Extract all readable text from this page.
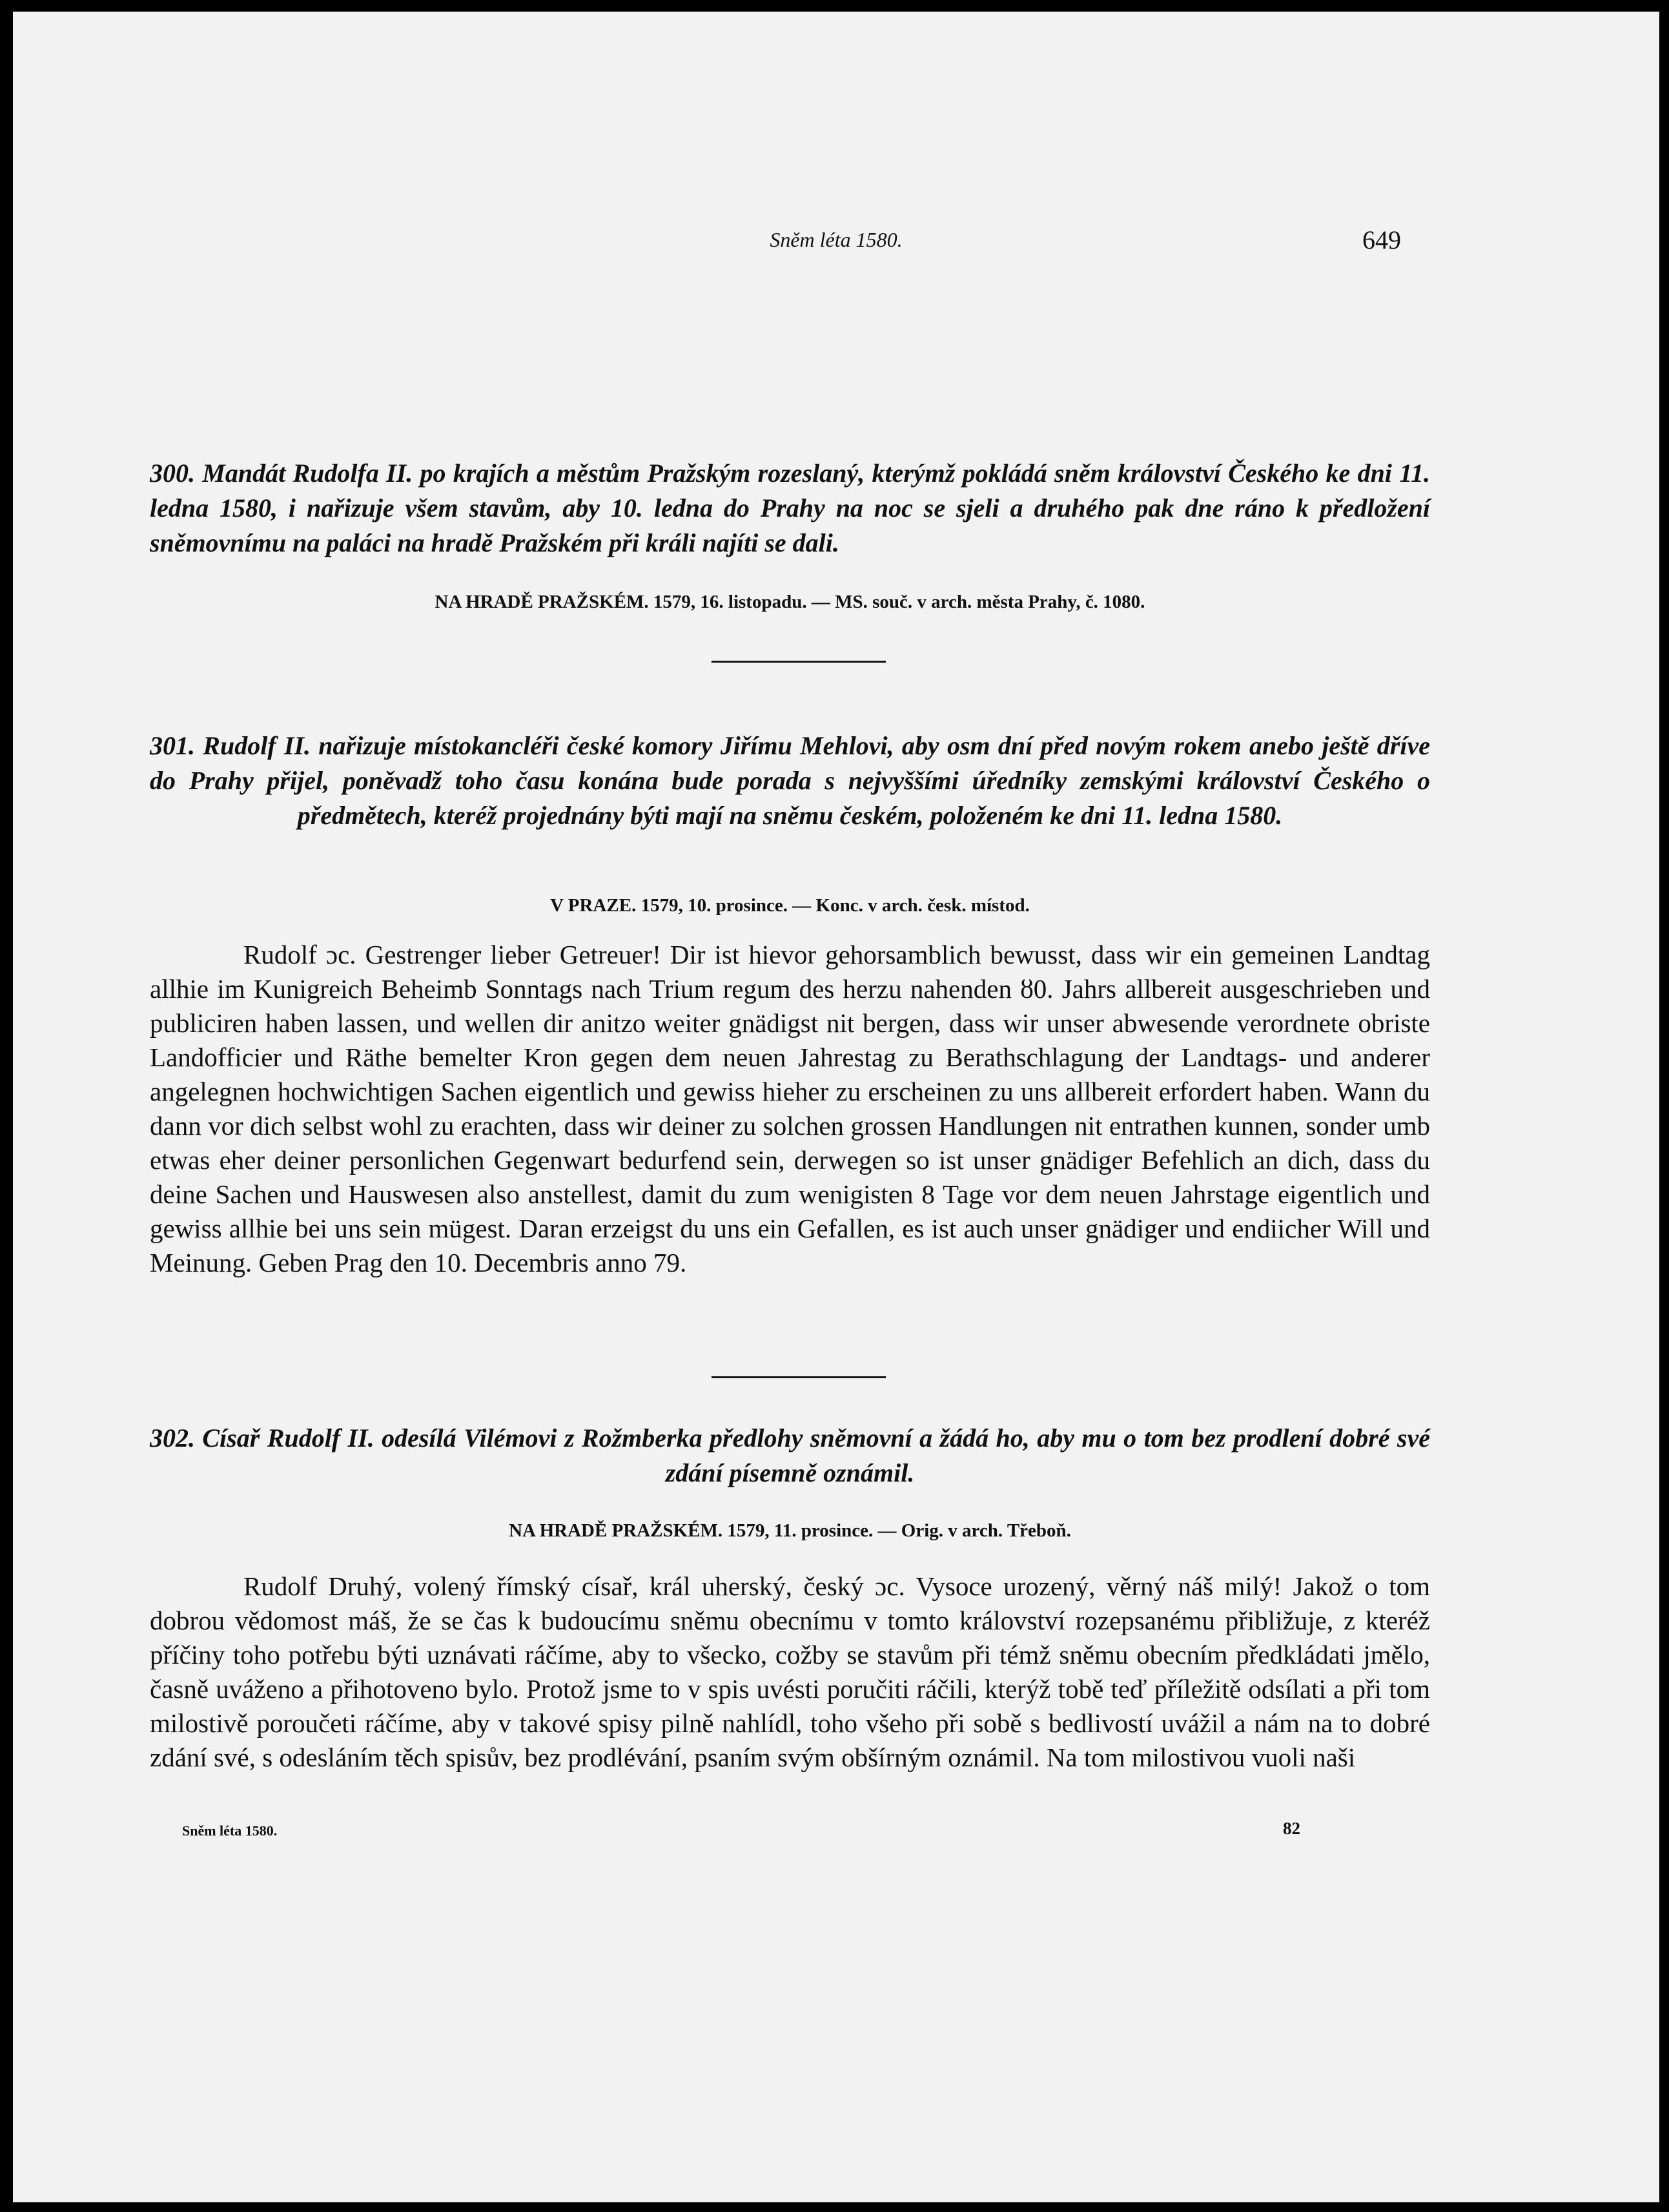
Sněm léta 1580.	649
300. Mandát Rudolfa II. po krajích a městům Pražským rozeslaný, kterýmž pokládá sněm království Českého ke dni 11. ledna 1580, i nařizuje všem stavům, aby 10. ledna do Prahy na noc se sjeli a druhého pak dne ráno k předložení sněmovnímu na paláci na hradě Pražském při králi najíti se dali.
NA HRADĚ PRAŽSKÉM. 1579, 16. listopadu. — MS. souč. v arch. města Prahy, č. 1080.
301. Rudolf II. nařizuje místokancléři české komory Jiřímu Mehlovi, aby osm dní před novým rokem anebo ještě dříve do Prahy přijel, poněvadž toho času konána bude porada s nejvyššími úředníky zemskými království Českého o předmětech, kteréž projednány býti mají na sněmu českém, položeném ke dni 11. ledna 1580.
V PRAZE. 1579, 10. prosince. — Konc. v arch. česk. místod.
Rudolf ɔc. Gestrenger lieber Getreuer! Dir ist hievor gehorsamblich bewusst, dass wir ein gemeinen Landtag allhie im Kunigreich Beheimb Sonntags nach Trium regum des herzu nahenden ȣ0. Jahrs allbereit ausgeschrieben und publiciren haben lassen, und wellen dir anitzo weiter gnädigst nit bergen, dass wir unser abwesende verordnete obriste Landofficier und Räthe bemelter Kron gegen dem neuen Jahrestag zu Berathschlagung der Landtags- und anderer angelegnen hochwichtigen Sachen eigentlich und gewiss hieher zu erscheinen zu uns allbereit erfordert haben. Wann du dann vor dich selbst wohl zu erachten, dass wir deiner zu solchen grossen Handlungen nit entrathen kunnen, sonder umb etwas eher deiner personlichen Gegenwart bedurfend sein, derwegen so ist unser gnädiger Befehlich an dich, dass du deine Sachen und Hauswesen also anstellest, damit du zum wenigisten 8 Tage vor dem neuen Jahrstage eigentlich und gewiss allhie bei uns sein mügest. Daran erzeigst du uns ein Gefallen, es ist auch unser gnädiger und endiicher Will und Meinung. Geben Prag den 10. Decembris anno 79.
302. Císař Rudolf II. odesílá Vilémovi z Rožmberka předlohy sněmovní a žádá ho, aby mu o tom bez prodlení dobré své zdání písemně oznámil.
NA HRADĚ PRAŽSKÉM. 1579, 11. prosince. — Orig. v arch. Třeboň.
Rudolf Druhý, volený římský císař, král uherský, český ɔc. Vysoce urozený, věrný náš milý! Jakož o tom dobrou vědomost máš, že se čas k budoucímu sněmu obecnímu v tomto království rozepsanému přibližuje, z kteréž příčiny toho potřebu býti uznávati ráčíme, aby to všecko, cožby se stavům při témž sněmu obecním předkládati jmělo, časně uváženo a přihotoveno bylo. Protož jsme to v spis uvésti poručiti ráčili, kterýž tobě teď příležitě odsílati a při tom milostivě poroučeti ráčíme, aby v takové spisy pilně nahlídl, toho všeho při sobě s bedlivostí uvážil a nám na to dobré zdání své, s odesláním těch spisův, bez prodlévání, psaním svým obšírným oznámil. Na tom milostivou vuoli naši
Sněm léta 1580.	82
